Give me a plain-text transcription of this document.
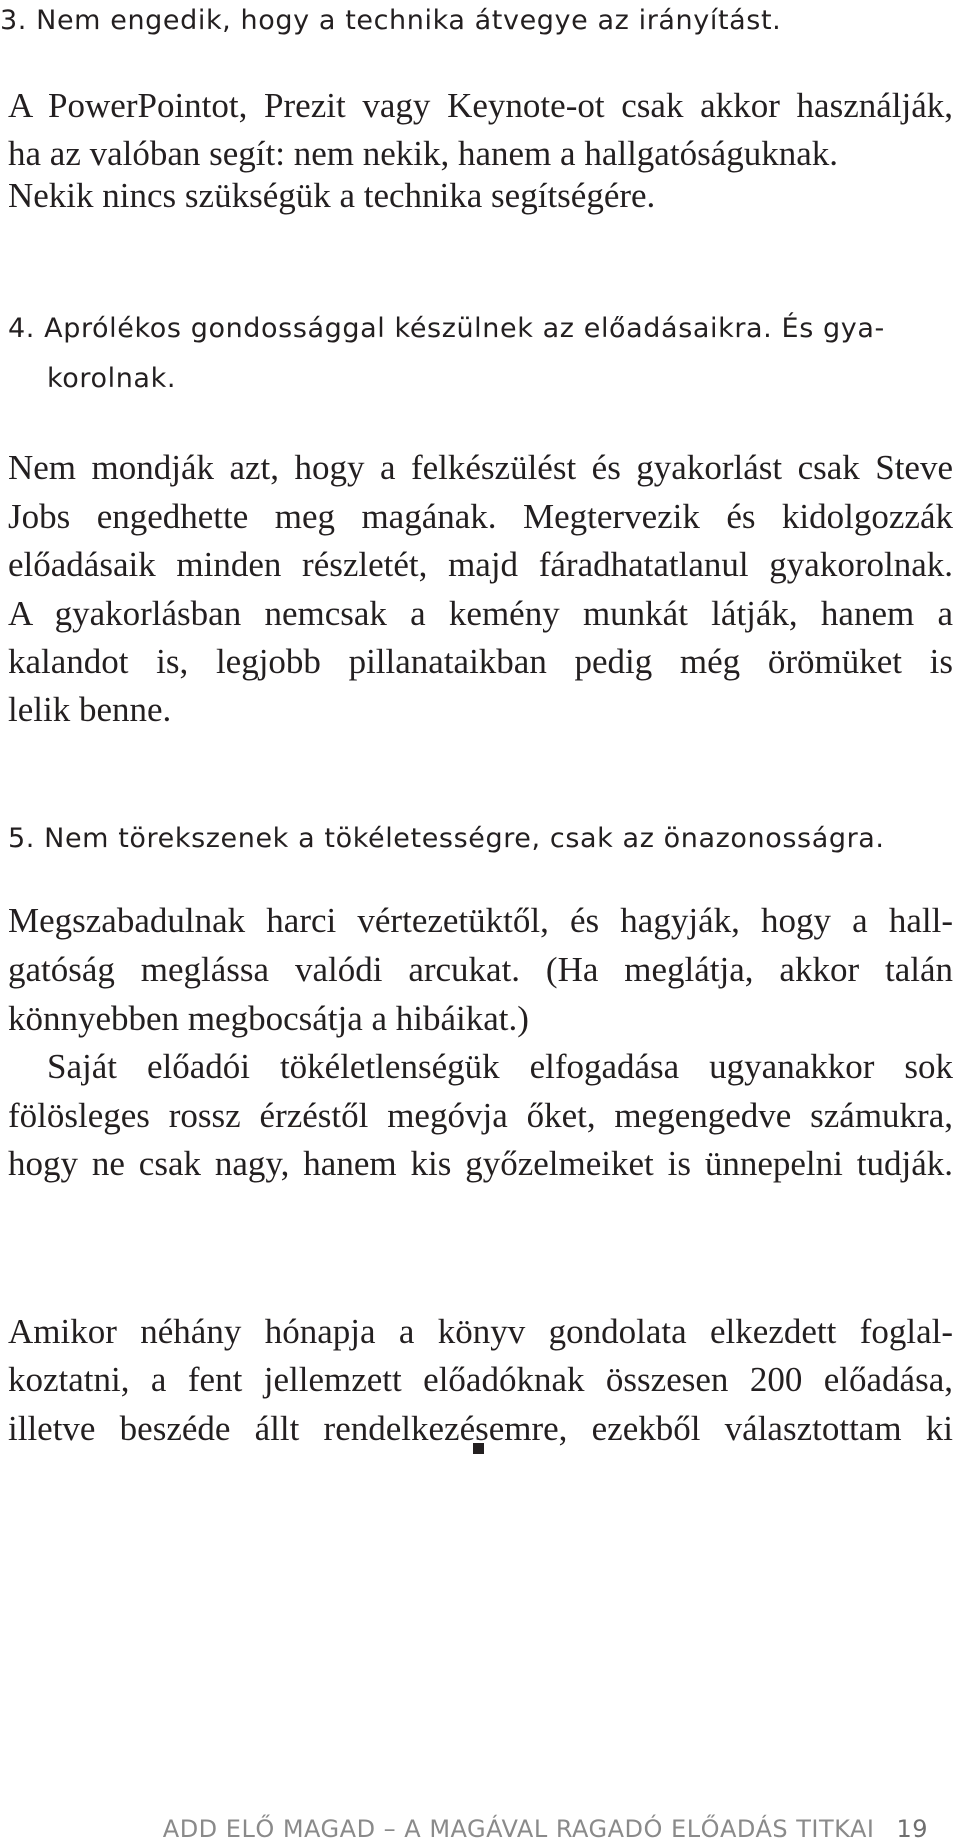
3. Nem engedik, hogy a technika átvegye az irányítást.
A PowerPointot, Prezit vagy Keynote-ot csak akkor használják,
ha az valóban segít: nem nekik, hanem a hallgatóságuknak.
Nekik nincs szükségük a technika segítségére.
4. Aprólékos gondossággal készülnek az előadásaikra. És gya-
korolnak.
Nem mondják azt, hogy a felkészülést és gyakorlást csak Steve
Jobs engedhette meg magának. Megtervezik és kidolgozzák
előadásaik minden részletét, majd fáradhatatlanul gyakorolnak.
A gyakorlásban nemcsak a kemény munkát látják, hanem a
kalandot is, legjobb pillanataikban pedig még örömüket is
lelik benne.
5. Nem törekszenek a tökéletességre, csak az önazonosságra.
Megszabadulnak harci vértezetüktől, és hagyják, hogy a hall-
gatóság meglássa valódi arcukat. (Ha meglátja, akkor talán
könnyebben megbocsátja a hibáikat.)
Saját előadói tökéletlenségük elfogadása ugyanakkor sok
fölösleges rossz érzéstől megóvja őket, megengedve számukra,
hogy ne csak nagy, hanem kis győzelmeiket is ünnepelni tudják.
Amikor néhány hónapja a könyv gondolata elkezdett foglal-
koztatni, a fent jellemzett előadóknak összesen 200 előadása,
illetve beszéde állt rendelkezésemre, ezekből választottam ki
ADD ELŐ MAGAD – A MAGÁVAL RAGADÓ ELŐADÁS TITKAI 19
